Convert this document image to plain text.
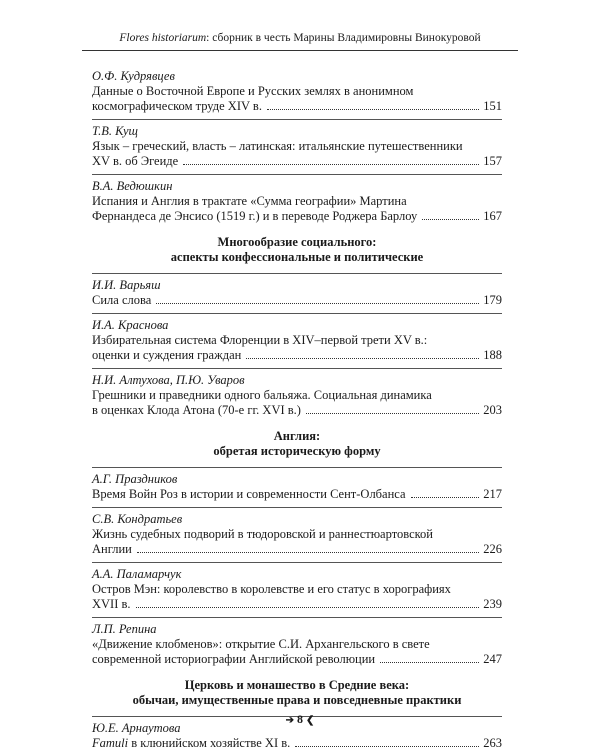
Flores historiarum: сборник в честь Марины Владимировны Винокуровой
О.Ф. Кудрявцев
Данные о Восточной Европе и Русских землях в анонимном
космографическом труде XIV в.	151
Т.В. Кущ
Язык – греческий, власть – латинская: итальянские путешественники
XV в. об Эгеиде	157
В.А. Ведюшкин
Испания и Англия в трактате «Сумма географии» Мартина
Фернандеса де Энсисо (1519 г.) и в переводе Роджера Барлоу	167
Многообразие социального:
аспекты конфессиональные и политические
И.И. Варьяш
Сила слова	179
И.А. Краснова
Избирательная система Флоренции в XIV–первой трети XV в.:
оценки и суждения граждан	188
Н.И. Алтухова, П.Ю. Уваров
Грешники и праведники одного бальяжа. Социальная динамика
в оценках Клода Атона (70-е гг. XVI в.)	203
Англия:
обретая историческую форму
А.Г. Праздников
Время Войн Роз в истории и современности Сент-Олбанса	217
С.В. Кондратьев
Жизнь судебных подворий в тюдоровской и раннестюартовской
Англии	226
А.А. Паламарчук
Остров Мэн: королевство в королевстве и его статус в хорографиях
XVII в.	239
Л.П. Репина
«Движение клобменов»: открытие С.И. Архангельского в свете
современной историографии Английской революции	247
Церковь и монашество в Средние века:
обычаи, имущественные права и повседневные практики
Ю.Е. Арнаутова
Famuli в клюнийском хозяйстве XI в.	263
➔ 8 ❮
